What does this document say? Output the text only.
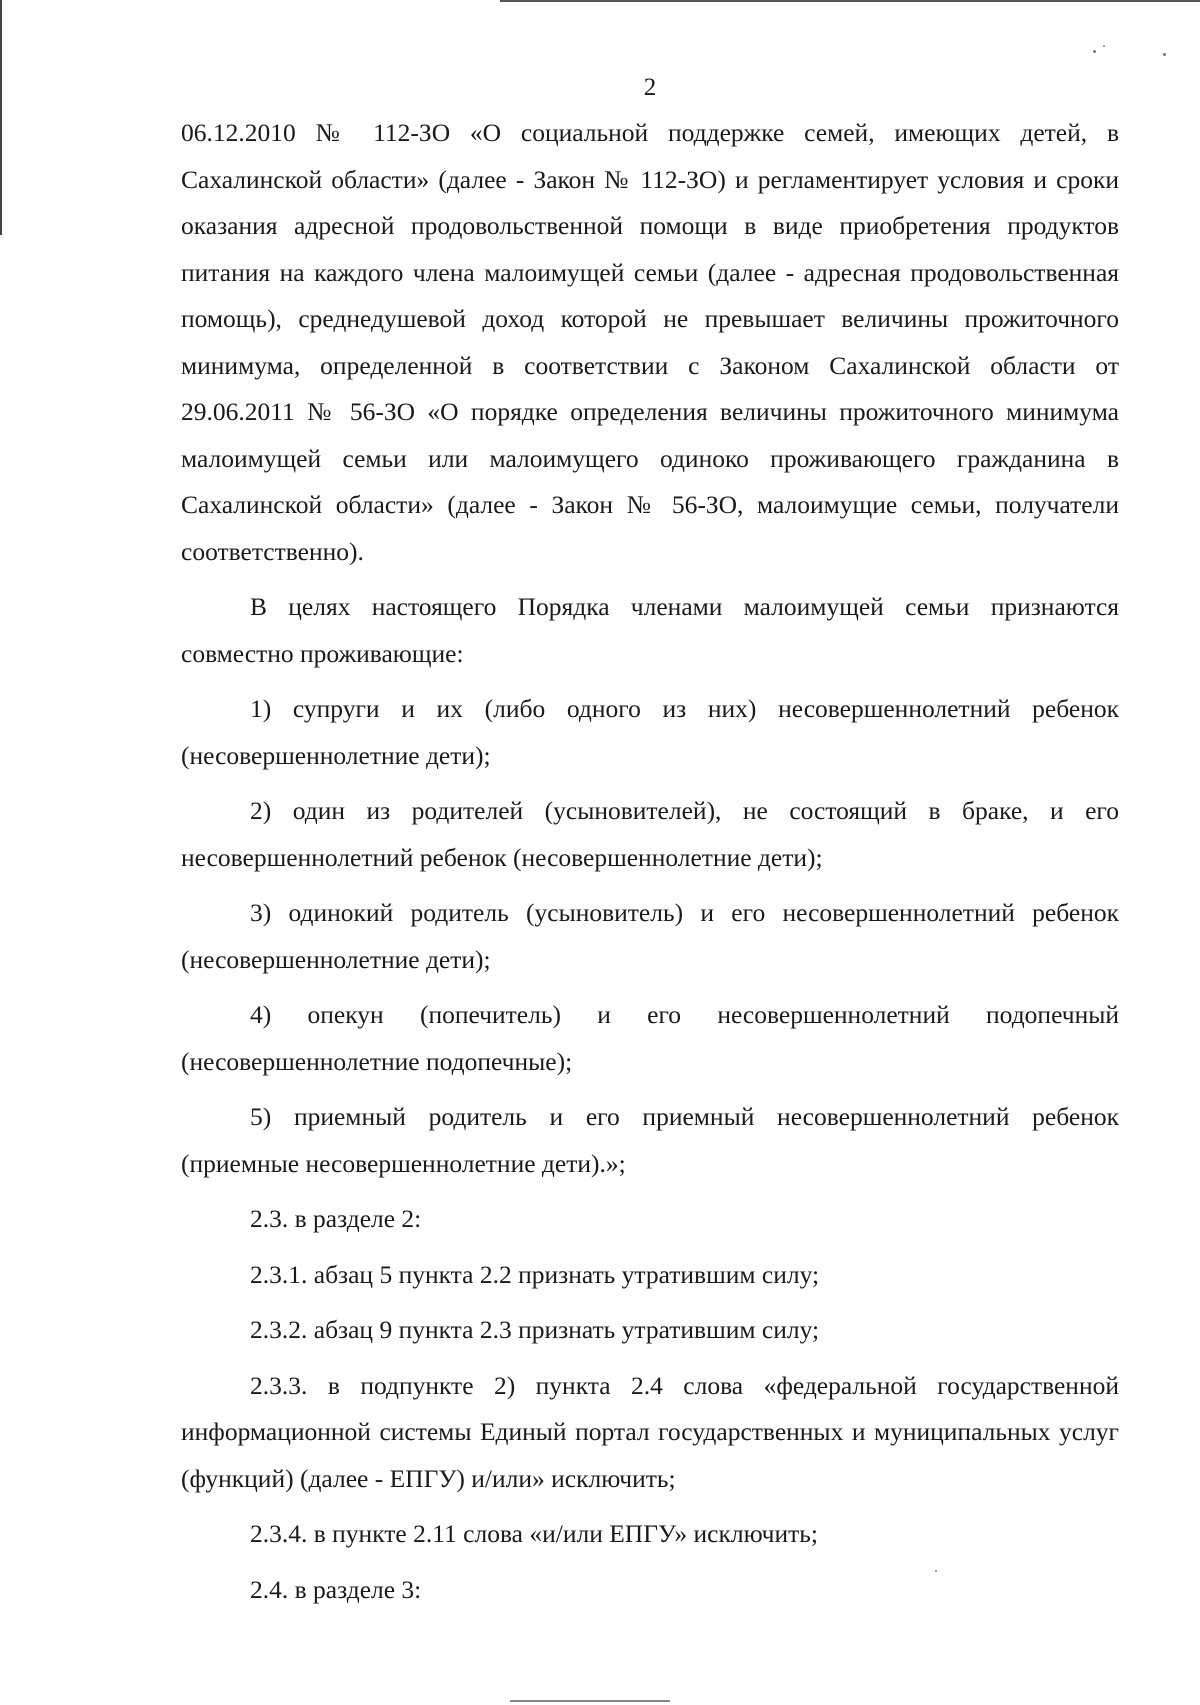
2

06.12.2010 № 112-ЗО «О социальной поддержке семей, имеющих детей, в Сахалинской области» (далее - Закон № 112-ЗО) и регламентирует условия и сроки оказания адресной продовольственной помощи в виде приобретения продуктов питания на каждого члена малоимущей семьи (далее - адресная продовольственная помощь), среднедушевой доход которой не превышает величины прожиточного минимума, определенной в соответствии с Законом Сахалинской области от 29.06.2011 № 56-ЗО «О порядке определения величины прожиточного минимума малоимущей семьи или малоимущего одиноко проживающего гражданина в Сахалинской области» (далее - Закон № 56-ЗО, малоимущие семьи, получатели соответственно).

В целях настоящего Порядка членами малоимущей семьи признаются совместно проживающие:

1) супруги и их (либо одного из них) несовершеннолетний ребенок (несовершеннолетние дети);

2) один из родителей (усыновителей), не состоящий в браке, и его несовершеннолетний ребенок (несовершеннолетние дети);

3) одинокий родитель (усыновитель) и его несовершеннолетний ребенок (несовершеннолетние дети);

4) опекун (попечитель) и его несовершеннолетний подопечный (несовершеннолетние подопечные);

5) приемный родитель и его приемный несовершеннолетний ребенок (приемные несовершеннолетние дети).»;

2.3. в разделе 2:

2.3.1. абзац 5 пункта 2.2 признать утратившим силу;

2.3.2. абзац 9 пункта 2.3 признать утратившим силу;

2.3.3. в подпункте 2) пункта 2.4 слова «федеральной государственной информационной системы Единый портал государственных и муниципальных услуг (функций) (далее - ЕПГУ) и/или» исключить;

2.3.4. в пункте 2.11 слова «и/или ЕПГУ» исключить;

2.4. в разделе 3:
